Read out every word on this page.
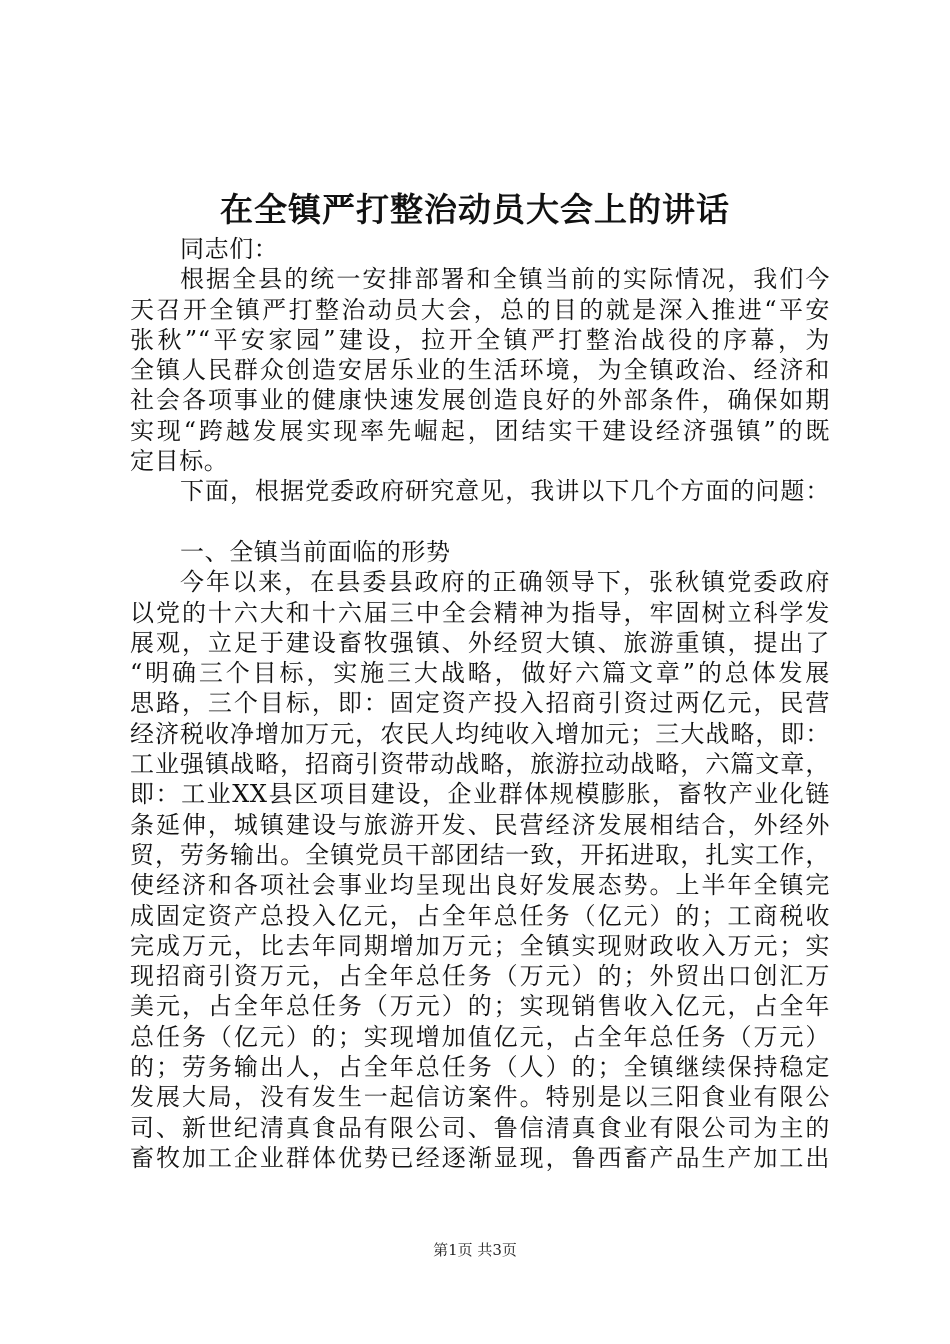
在全镇严打整治动员大会上的讲话
同志们：
根据全县的统一安排部署和全镇当前的实际情况，我们今
天召开全镇严打整治动员大会，总的目的就是深入推进“平安
张秋”“平安家园”建设，拉开全镇严打整治战役的序幕，为
全镇人民群众创造安居乐业的生活环境，为全镇政治、经济和
社会各项事业的健康快速发展创造良好的外部条件，确保如期
实现“跨越发展实现率先崛起，团结实干建设经济强镇”的既
定目标。
下面，根据党委政府研究意见，我讲以下几个方面的问题：
一、全镇当前面临的形势
今年以来，在县委县政府的正确领导下，张秋镇党委政府
以党的十六大和十六届三中全会精神为指导，牢固树立科学发
展观，立足于建设畜牧强镇、外经贸大镇、旅游重镇，提出了
“明确三个目标，实施三大战略，做好六篇文章”的总体发展
思路，三个目标，即：固定资产投入招商引资过两亿元，民营
经济税收净增加万元，农民人均纯收入增加元；三大战略，即：
工业强镇战略，招商引资带动战略，旅游拉动战略，六篇文章，
即：工业XX县区项目建设，企业群体规模膨胀，畜牧产业化链
条延伸，城镇建设与旅游开发、民营经济发展相结合，外经外
贸，劳务输出。全镇党员干部团结一致，开拓进取，扎实工作，
使经济和各项社会事业均呈现出良好发展态势。上半年全镇完
成固定资产总投入亿元，占全年总任务（亿元）的；工商税收
完成万元，比去年同期增加万元；全镇实现财政收入万元；实
现招商引资万元，占全年总任务（万元）的；外贸出口创汇万
美元，占全年总任务（万元）的；实现销售收入亿元，占全年
总任务（亿元）的；实现增加值亿元，占全年总任务（万元）
的；劳务输出人，占全年总任务（人）的；全镇继续保持稳定
发展大局，没有发生一起信访案件。特别是以三阳食业有限公
司、新世纪清真食品有限公司、鲁信清真食业有限公司为主的
畜牧加工企业群体优势已经逐渐显现，鲁西畜产品生产加工出
第1页 共3页
